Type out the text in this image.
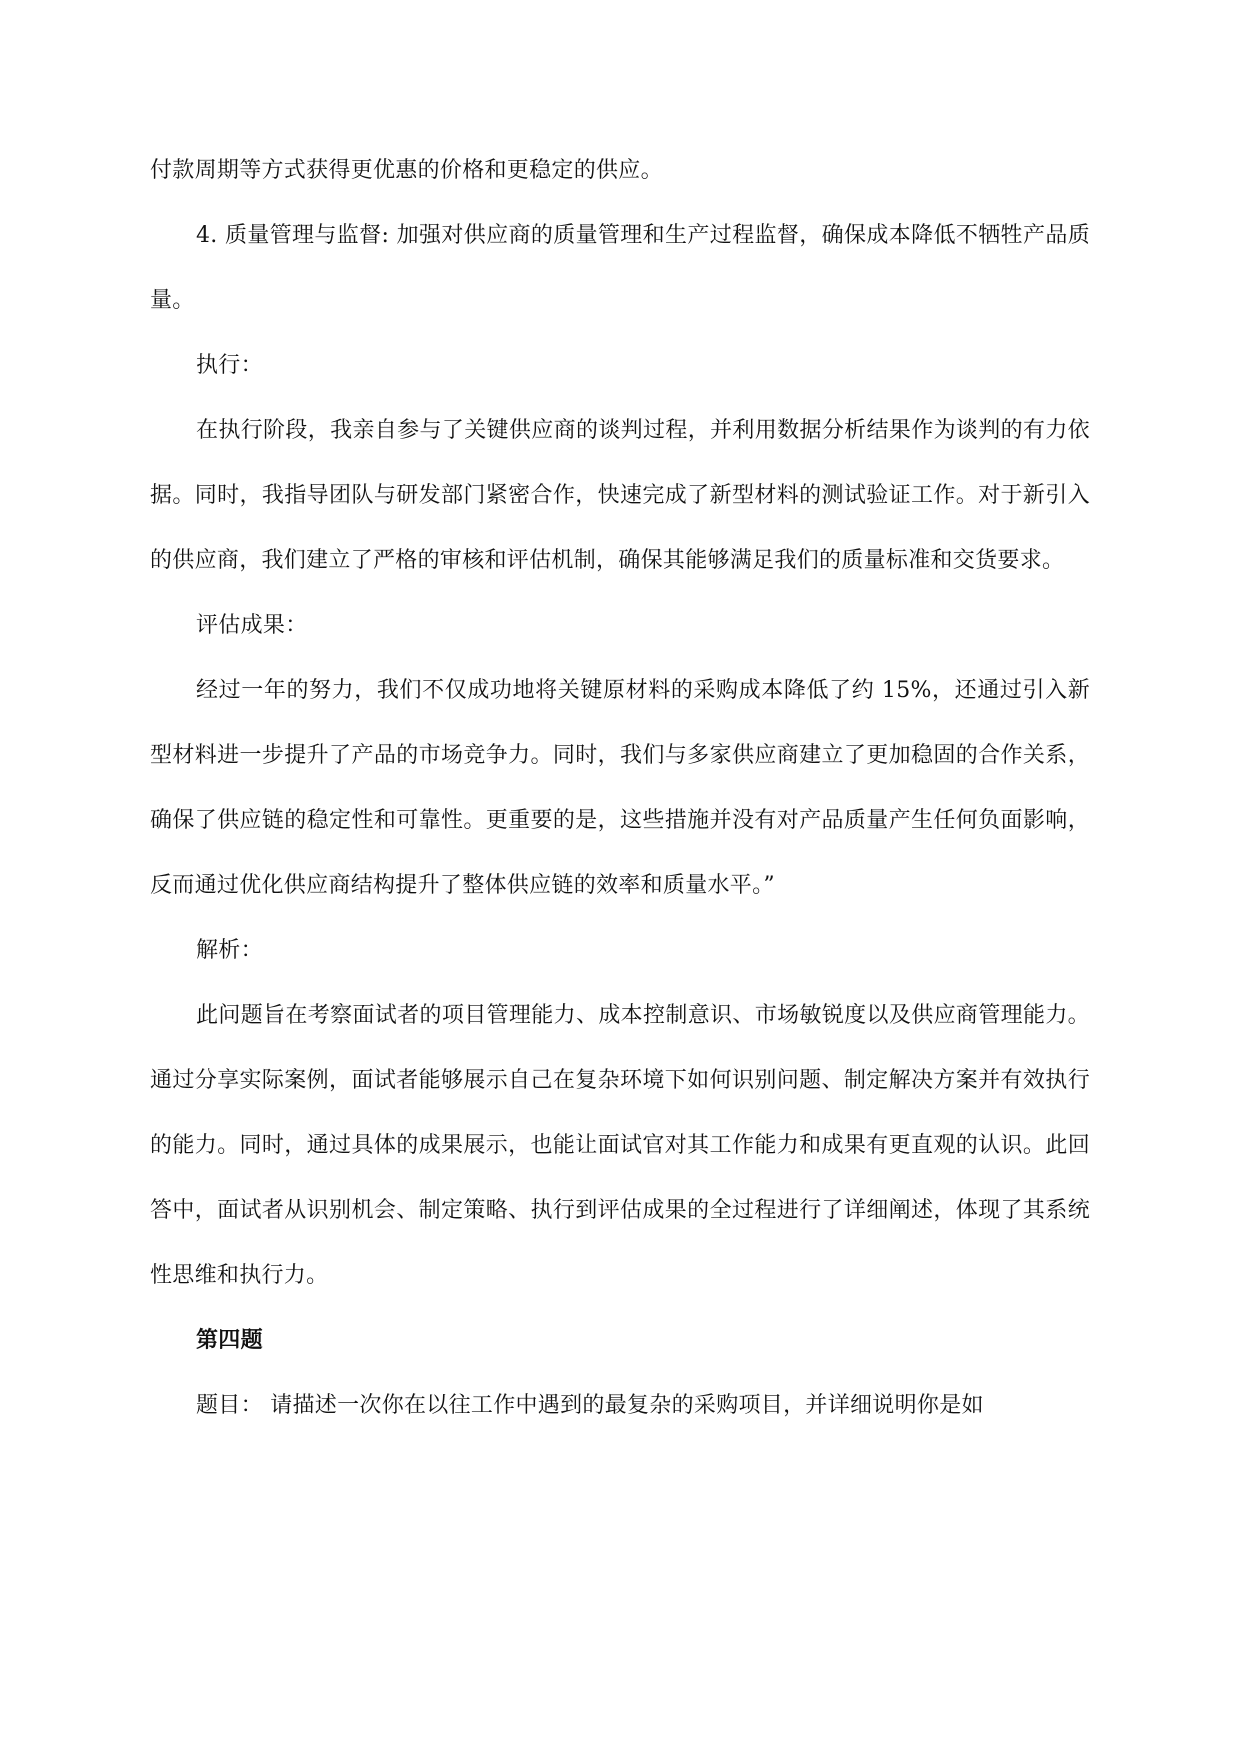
付款周期等方式获得更优惠的价格和更稳定的供应。

4. 质量管理与监督: 加强对供应商的质量管理和生产过程监督，确保成本降低不牺牲产品质量。

执行：

在执行阶段，我亲自参与了关键供应商的谈判过程，并利用数据分析结果作为谈判的有力依据。同时，我指导团队与研发部门紧密合作，快速完成了新型材料的测试验证工作。对于新引入的供应商，我们建立了严格的审核和评估机制，确保其能够满足我们的质量标准和交货要求。

评估成果：

经过一年的努力，我们不仅成功地将关键原材料的采购成本降低了约 15%，还通过引入新型材料进一步提升了产品的市场竞争力。同时，我们与多家供应商建立了更加稳固的合作关系，确保了供应链的稳定性和可靠性。更重要的是，这些措施并没有对产品质量产生任何负面影响，反而通过优化供应商结构提升了整体供应链的效率和质量水平。”

解析：

此问题旨在考察面试者的项目管理能力、成本控制意识、市场敏锐度以及供应商管理能力。通过分享实际案例，面试者能够展示自己在复杂环境下如何识别问题、制定解决方案并有效执行的能力。同时，通过具体的成果展示，也能让面试官对其工作能力和成果有更直观的认识。此回答中，面试者从识别机会、制定策略、执行到评估成果的全过程进行了详细阐述，体现了其系统性思维和执行力。

第四题

题目： 请描述一次你在以往工作中遇到的最复杂的采购项目，并详细说明你是如
